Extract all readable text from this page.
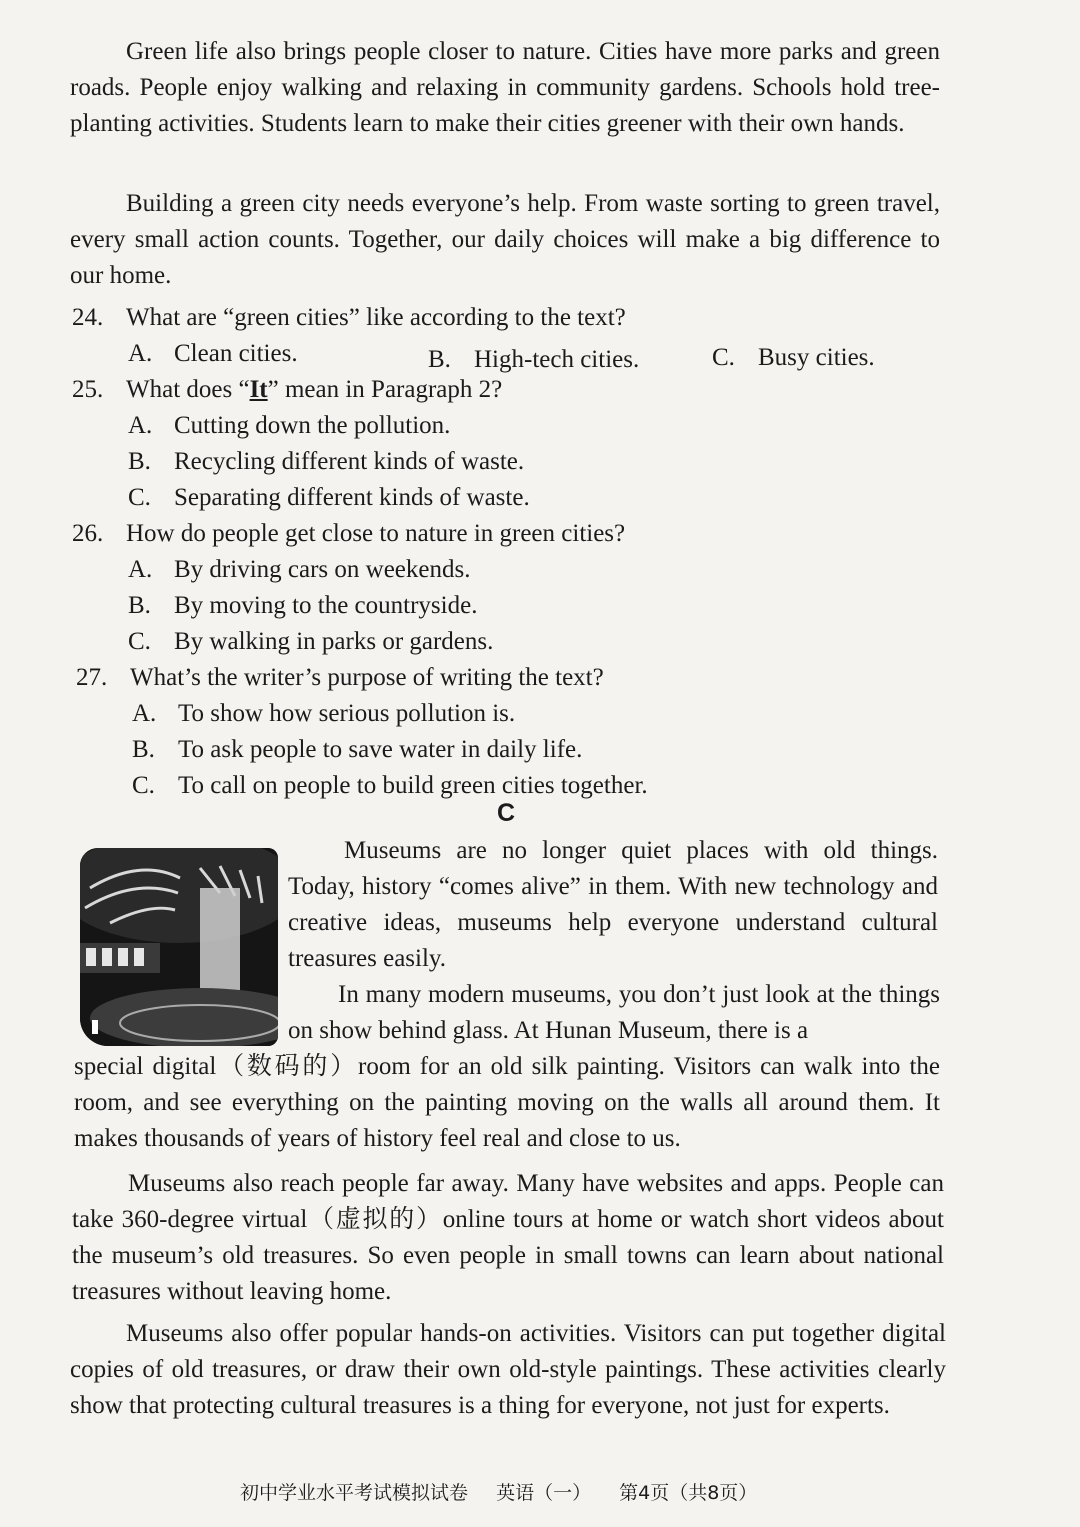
Green life also brings people closer to nature. Cities have more parks and green roads. People enjoy walking and relaxing in community gardens. Schools hold tree-planting activities. Students learn to make their cities greener with their own hands.

Building a green city needs everyone’s help. From waste sorting to green travel, every small action counts. Together, our daily choices will make a big difference to our home.

24. What are “green cities” like according to the text?

A. Clean cities.	B. High-tech cities.	C. Busy cities.

25. What does “It” mean in Paragraph 2?

A. Cutting down the pollution.

B. Recycling different kinds of waste.

C. Separating different kinds of waste.

26. How do people get close to nature in green cities?

A. By driving cars on weekends.

B. By moving to the countryside.

C. By walking in parks or gardens.

27. What’s the writer’s purpose of writing the text?

A. To show how serious pollution is.

B. To ask people to save water in daily life.

C. To call on people to build green cities together.

C

Museums are no longer quiet places with old things. Today, history “comes alive” in them. With new technology and creative ideas, museums help everyone understand cultural treasures easily.

In many modern museums, you don’t just look at the things on show behind glass. At Hunan Museum, there is a
special digital（数码的）room for an old silk painting. Visitors can walk into the room, and see everything on the painting moving on the walls all around them. It makes thousands of years of history feel real and close to us.

Museums also reach people far away. Many have websites and apps. People can take 360-degree virtual（虚拟的）online tours at home or watch short videos about the museum’s old treasures. So even people in small towns can learn about national treasures without leaving home.

Museums also offer popular hands-on activities. Visitors can put together digital copies of old treasures, or draw their own old-style paintings. These activities clearly show that protecting cultural treasures is a thing for everyone, not just for experts.

初中学业水平考试模拟试卷 英语（一） 第4页（共8页）
